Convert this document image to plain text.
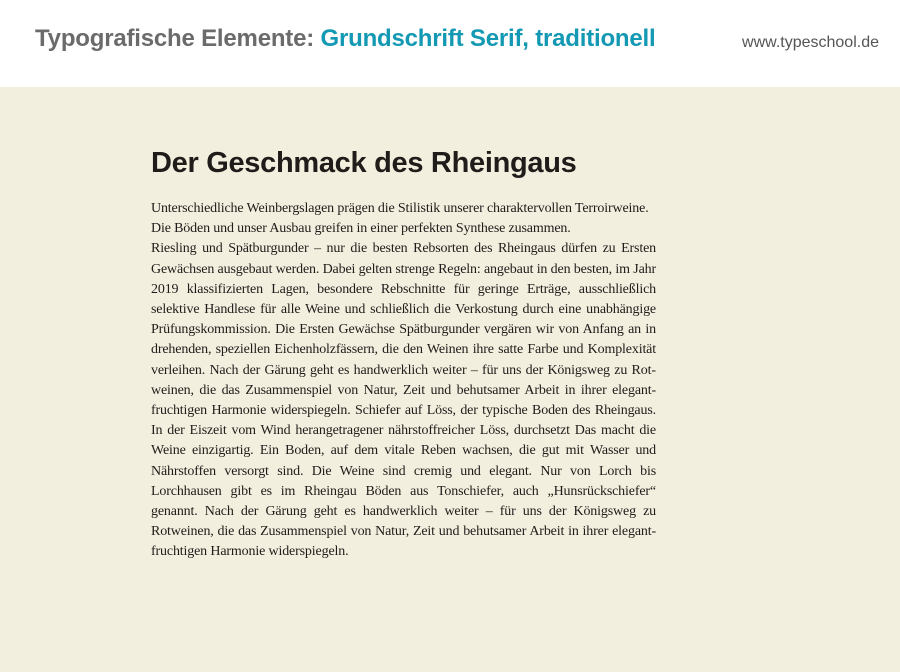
Typografische Elemente: Grundschrift Serif, traditionell	www.typeschool.de
Der Geschmack des Rheingaus

Unterschiedliche Weinbergslagen prägen die Stilistik unserer charaktervollen Terroirweine. Die Böden und unser Ausbau greifen in einer perfekten Synthese zusammen.

Riesling und Spätburgunder – nur die besten Rebsorten des Rheingaus dürfen zu Ersten Gewächsen ausgebaut werden. Dabei gelten strenge Regeln: angebaut in den besten, im Jahr 2019 klassifizierten Lagen, besondere Rebschnitte für geringe Erträge, ausschließlich selektive Handlese für alle Weine und schließlich die Verkostung durch eine unabhängige Prüfungskommission. Die Ersten Gewächse Spätburgunder vergären wir von Anfang an in drehenden, speziellen Eichenholzfässern, die den Weinen ihre satte Farbe und Komplexität verleihen. Nach der Gärung geht es handwerklich weiter – für uns der Königsweg zu Rotweinen, die das Zusammenspiel von Natur, Zeit und behutsamer Arbeit in ihrer elegant-fruchtigen Harmonie widerspiegeln. Schiefer auf Löss, der typische Boden des Rheingaus. In der Eiszeit vom Wind herangetragener nährstoffreicher Löss, durchsetzt Das macht die Weine einzigartig. Ein Boden, auf dem vitale Reben wachsen, die gut mit Wasser und Nährstoffen versorgt sind. Die Weine sind cremig und elegant. Nur von Lorch bis Lorchhausen gibt es im Rheingau Böden aus Tonschiefer, auch „Hunsrückschiefer“ genannt. Nach der Gärung geht es handwerklich weiter – für uns der Königsweg zu Rotweinen, die das Zusammenspiel von Natur, Zeit und behutsamer Arbeit in ihrer elegant-fruchtigen Harmonie widerspiegeln.
